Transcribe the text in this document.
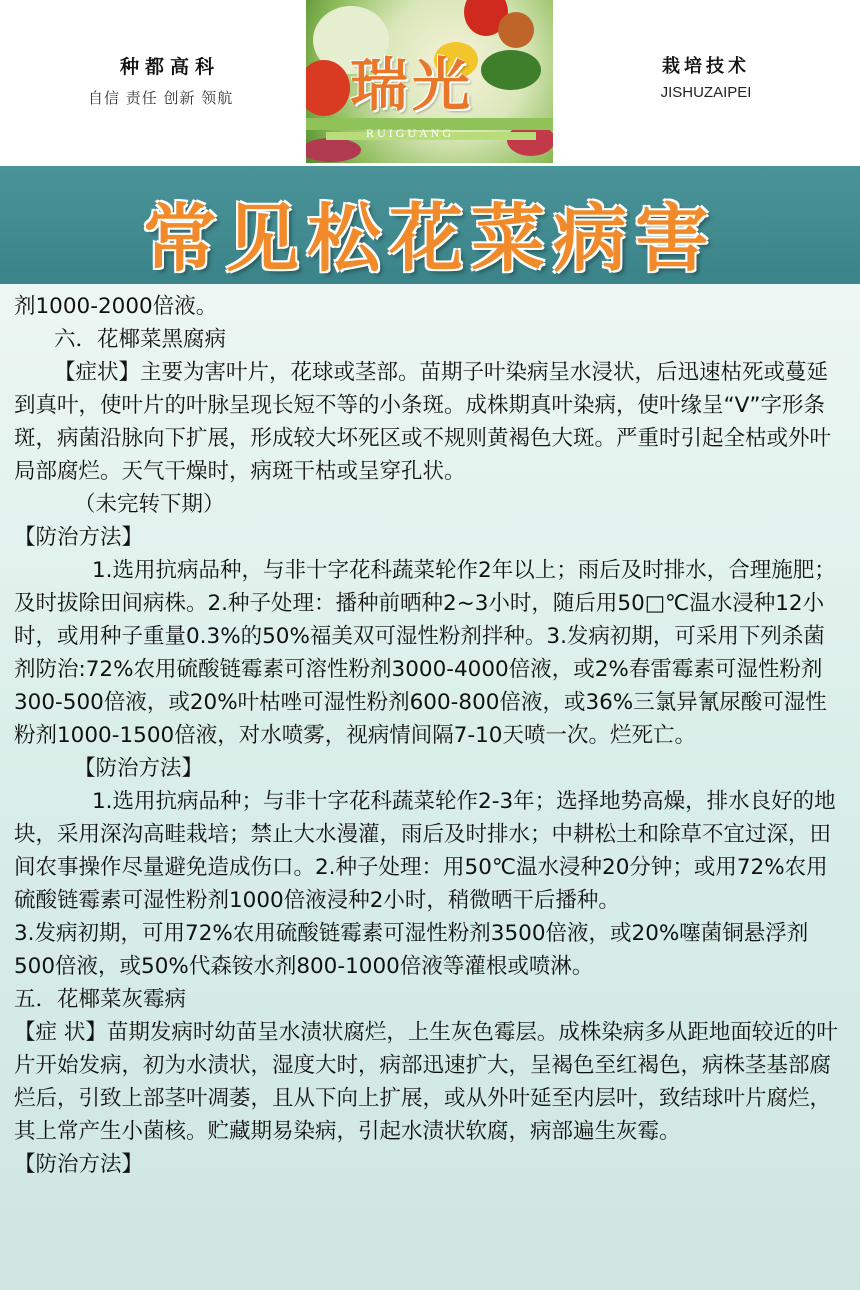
种都高科
自信 责任 创新 领航	瑞光
RUIGUANG
栽培技术
JISHUZAIPEI
常见松花菜病害

剂1000-2000倍液。

六．花椰菜黑腐病

【症状】主要为害叶片，花球或茎部。苗期子叶染病呈水浸状，后迅速枯死或蔓延到真叶，使叶片的叶脉呈现长短不等的小条斑。成株期真叶染病，使叶缘呈“V”字形条斑，病菌沿脉向下扩展，形成较大坏死区或不规则黄褐色大斑。严重时引起全枯或外叶局部腐烂。天气干燥时，病斑干枯或呈穿孔状。

（未完转下期）

【防治方法】

1.选用抗病品种，与非十字花科蔬菜轮作2年以上；雨后及时排水，合理施肥；及时拔除田间病株。2.种子处理：播种前晒种2~3小时，随后用50□℃温水浸种12小时，或用种子重量0.3%的50%福美双可湿性粉剂拌种。3.发病初期，可采用下列杀菌剂防治:72%农用硫酸链霉素可溶性粉剂3000-4000倍液，或2%春雷霉素可湿性粉剂300-500倍液，或20%叶枯唑可湿性粉剂600-800倍液，或36%三氯异氰尿酸可湿性粉剂1000-1500倍液，对水喷雾，视病情间隔7-10天喷一次。烂死亡。

【防治方法】

1.选用抗病品种；与非十字花科蔬菜轮作2-3年；选择地势高燥，排水良好的地块，采用深沟高畦栽培；禁止大水漫灌，雨后及时排水；中耕松土和除草不宜过深，田间农事操作尽量避免造成伤口。2.种子处理：用50℃温水浸种20分钟；或用72%农用硫酸链霉素可湿性粉剂1000倍液浸种2小时，稍微晒干后播种。

3.发病初期，可用72%农用硫酸链霉素可湿性粉剂3500倍液，或20%噻菌铜悬浮剂500倍液，或50%代森铵水剂800-1000倍液等灌根或喷淋。

五．花椰菜灰霉病

【症 状】苗期发病时幼苗呈水渍状腐烂，上生灰色霉层。成株染病多从距地面较近的叶片开始发病，初为水渍状，湿度大时，病部迅速扩大，呈褐色至红褐色，病株茎基部腐烂后，引致上部茎叶凋萎，且从下向上扩展，或从外叶延至内层叶，致结球叶片腐烂，其上常产生小菌核。贮藏期易染病，引起水渍状软腐，病部遍生灰霉。

【防治方法】
